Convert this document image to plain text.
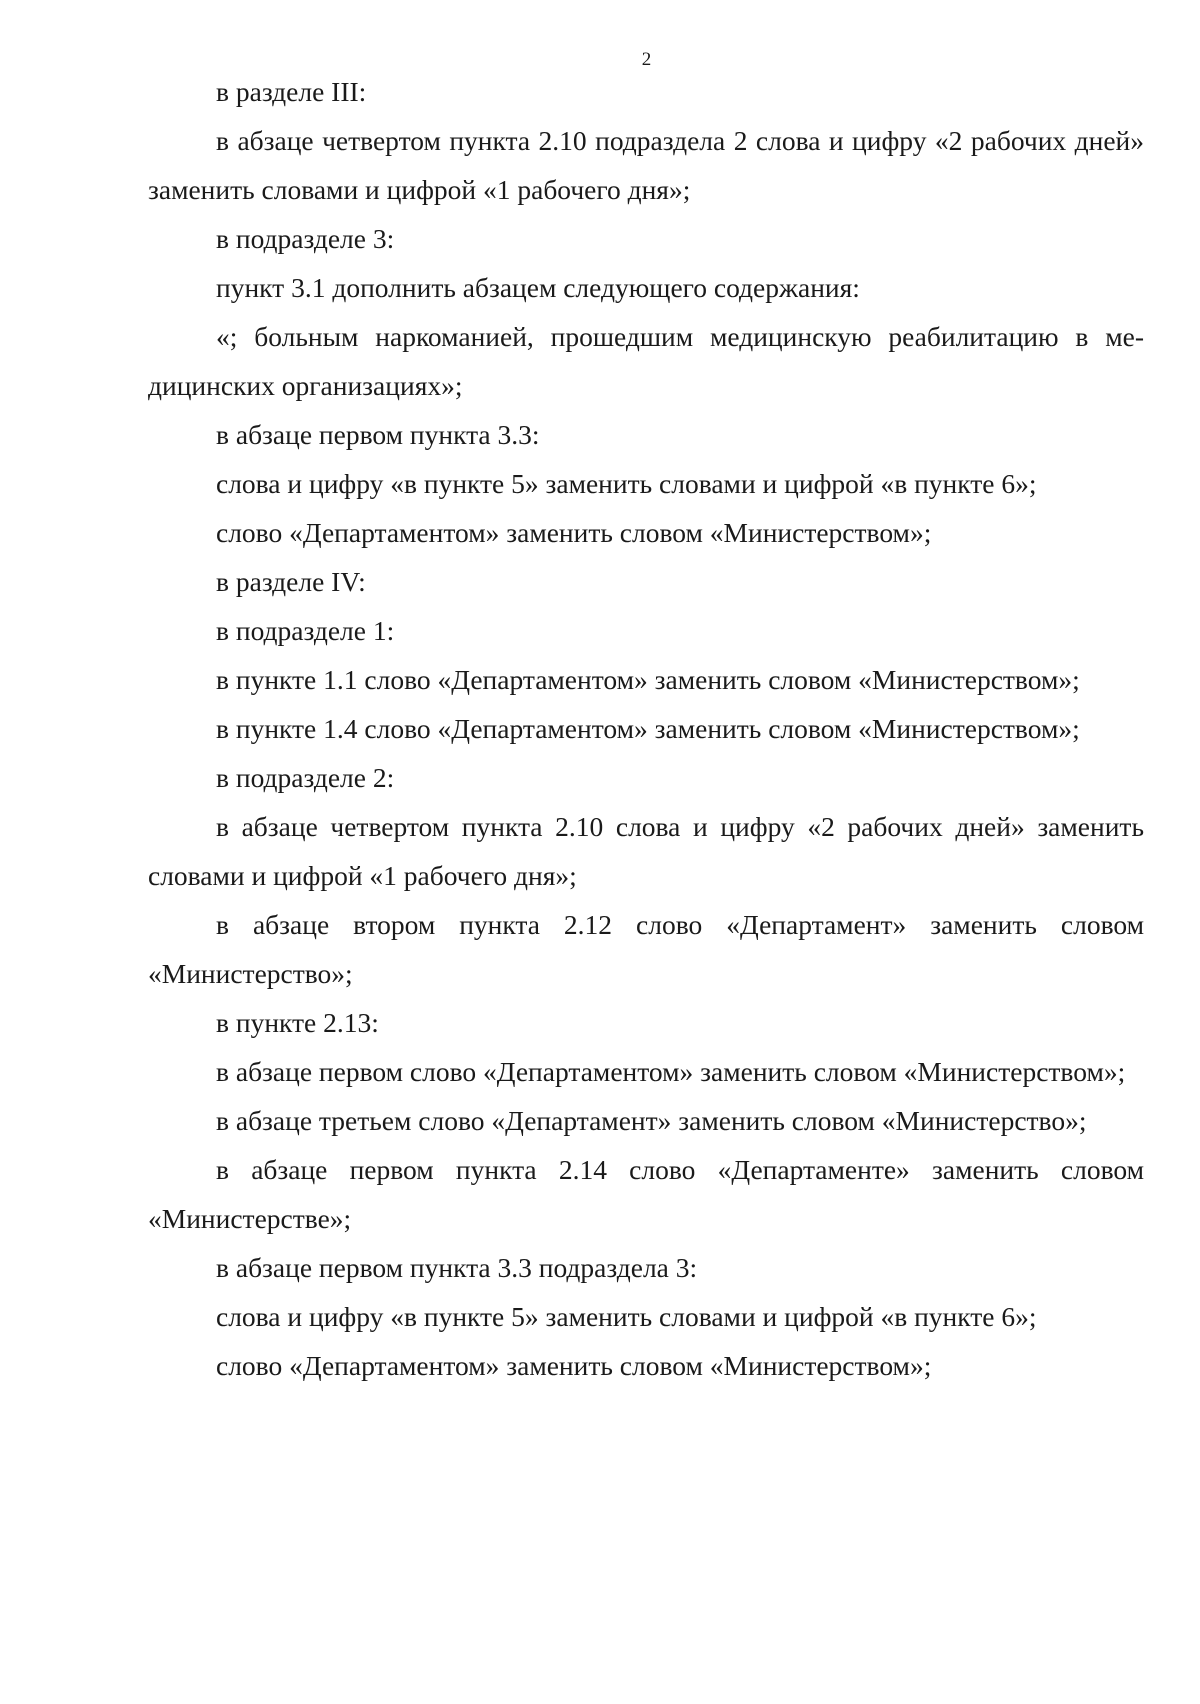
2

в разделе III:

в абзаце четвертом пункта 2.10 подраздела 2 слова и цифру «2 рабочих дней» заменить словами и цифрой «1 рабочего дня»;

в подразделе 3:

пункт 3.1 дополнить абзацем следующего содержания:

«; больным наркоманией, прошедшим медицинскую реабилитацию в медицинских организациях»;

в абзаце первом пункта 3.3:

слова и цифру «в пункте 5» заменить словами и цифрой «в пункте 6»;

слово «Департаментом» заменить словом «Министерством»;

в разделе IV:

в подразделе 1:

в пункте 1.1 слово «Департаментом» заменить словом «Министерством»;

в пункте 1.4 слово «Департаментом» заменить словом «Министерством»;

в подразделе 2:

в абзаце четвертом пункта 2.10 слова и цифру «2 рабочих дней» заменить словами и цифрой «1 рабочего дня»;

в абзаце втором пункта 2.12 слово «Департамент» заменить словом «Министерство»;

в пункте 2.13:

в абзаце первом слово «Департаментом» заменить словом «Министерством»;

в абзаце третьем слово «Департамент» заменить словом «Министерство»;

в абзаце первом пункта 2.14 слово «Департаменте» заменить словом «Министерстве»;

в абзаце первом пункта 3.3 подраздела 3:

слова и цифру «в пункте 5» заменить словами и цифрой «в пункте 6»;

слово «Департаментом» заменить словом «Министерством»;
